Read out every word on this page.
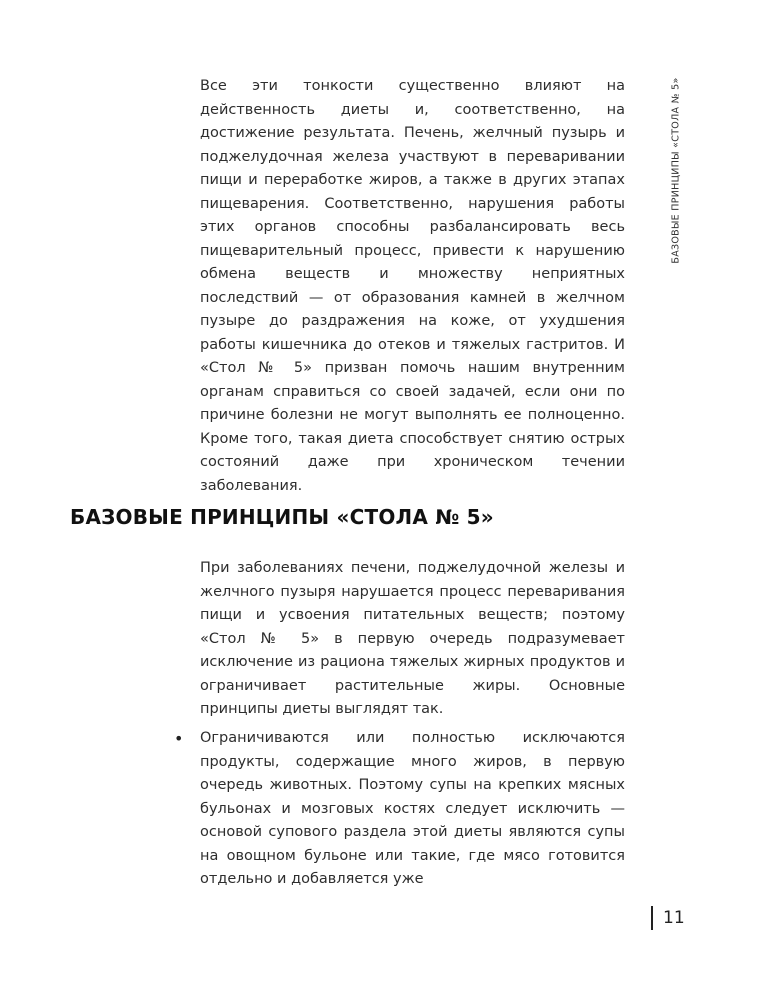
БАЗОВЫЕ ПРИНЦИПЫ «СТОЛА № 5»

Все эти тонкости существенно влияют на действенность диеты и, соответственно, на достижение результата. Печень, желчный пузырь и поджелудочная железа участвуют в переваривании пищи и переработке жиров, а также в других этапах пищеварения. Соответственно, нарушения работы этих органов способны разбалансировать весь пищеварительный процесс, привести к нарушению обмена веществ и множеству неприятных последствий — от образования камней в желчном пузыре до раздражения на коже, от ухудшения работы кишечника до отеков и тяжелых гастритов. И «Стол № 5» призван помочь нашим внутренним органам справиться со своей задачей, если они по причине болезни не могут выполнять ее полноценно. Кроме того, такая диета способствует снятию острых состояний даже при хроническом течении заболевания.

БАЗОВЫЕ ПРИНЦИПЫ «СТОЛА № 5»

При заболеваниях печени, поджелудочной железы и желчного пузыря нарушается процесс переваривания пищи и усвоения питательных веществ; поэтому «Стол № 5» в первую очередь подразумевает исключение из рациона тяжелых жирных продуктов и ограничивает растительные жиры. Основные принципы диеты выглядят так.

• Ограничиваются или полностью исключаются продукты, содержащие много жиров, в первую очередь животных. Поэтому супы на крепких мясных бульонах и мозговых костях следует исключить — основой супового раздела этой диеты являются супы на овощном бульоне или такие, где мясо готовится отдельно и добавляется уже
11
